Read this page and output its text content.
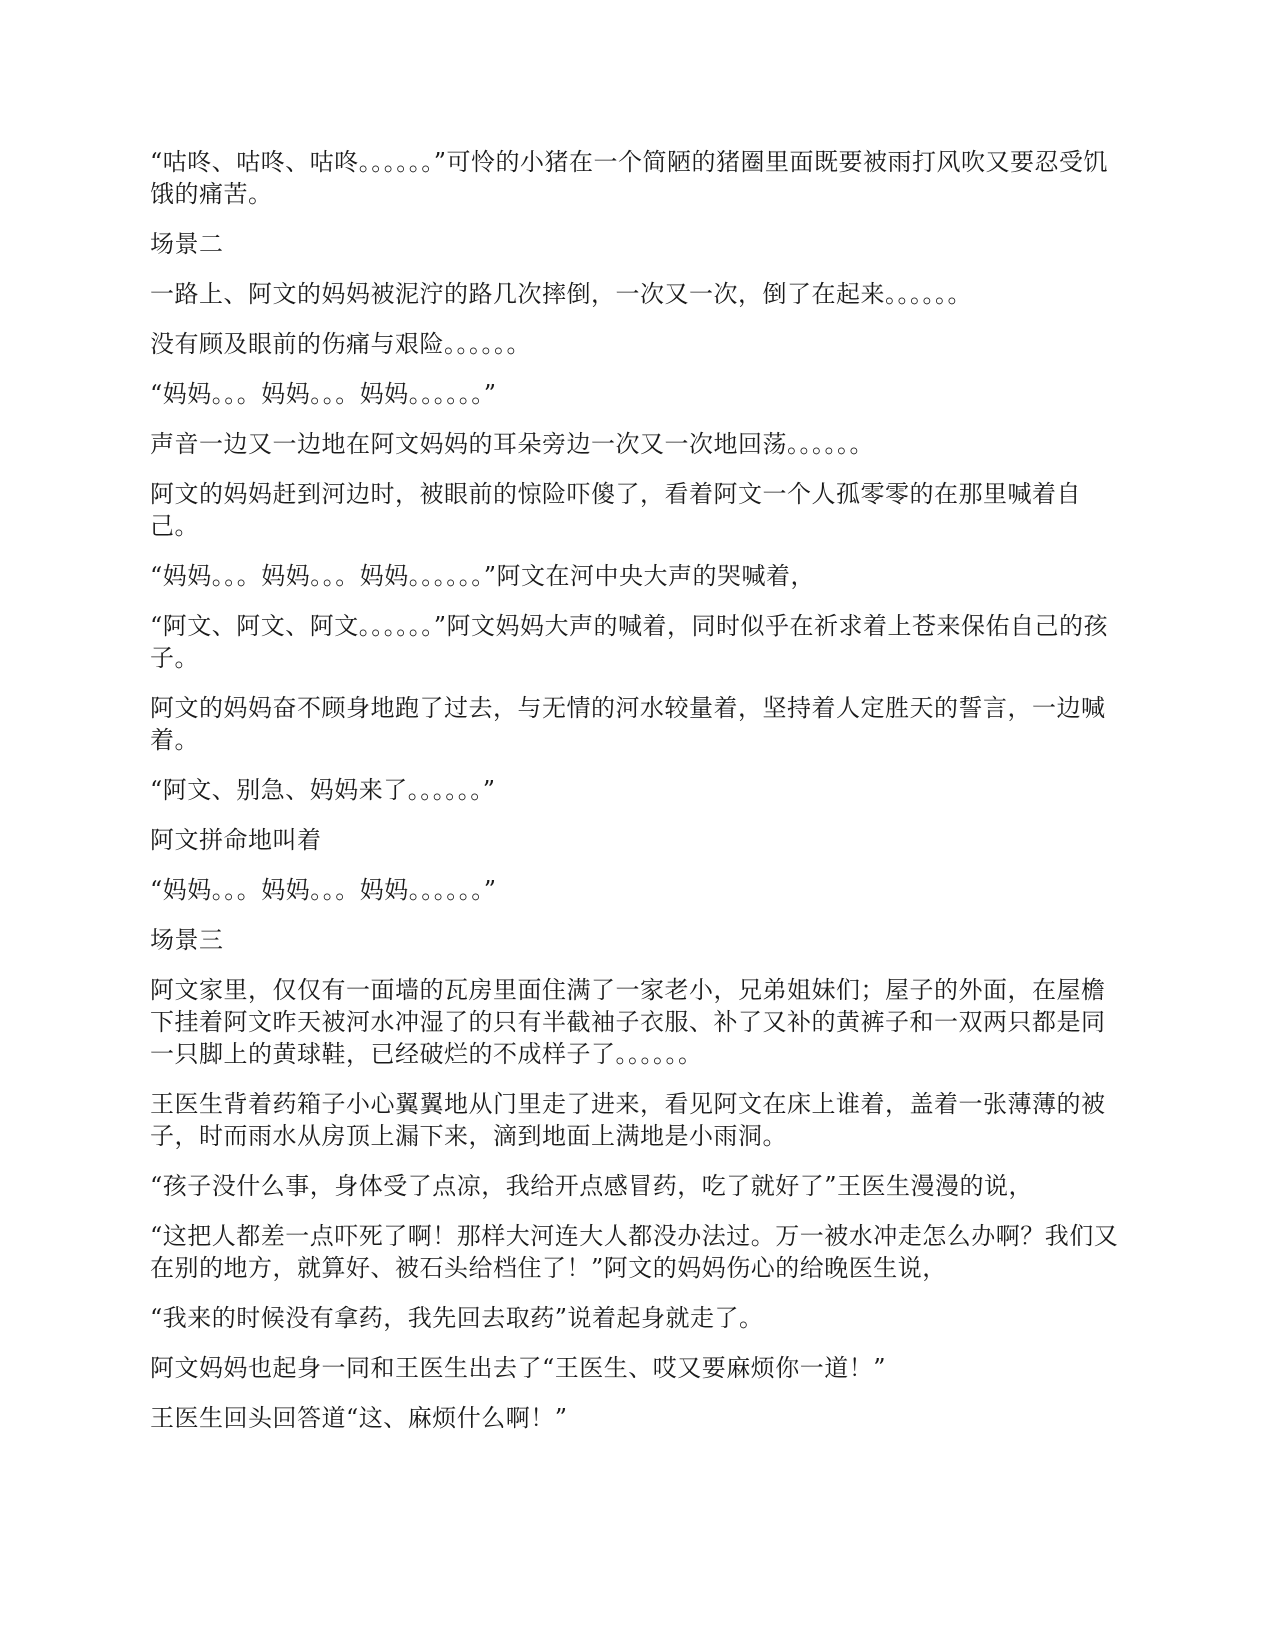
“咕咚、咕咚、咕咚。。。。。。”可怜的小猪在一个简陋的猪圈里面既要被雨打风吹又要忍受饥饿的痛苦。

场景二

一路上、阿文的妈妈被泥泞的路几次摔倒，一次又一次，倒了在起来。。。。。。

没有顾及眼前的伤痛与艰险。。。。。。

“妈妈。。。妈妈。。。妈妈。。。。。。”

声音一边又一边地在阿文妈妈的耳朵旁边一次又一次地回荡。。。。。。

阿文的妈妈赶到河边时，被眼前的惊险吓傻了，看着阿文一个人孤零零的在那里喊着自己。

“妈妈。。。妈妈。。。妈妈。。。。。。”阿文在河中央大声的哭喊着，

“阿文、阿文、阿文。。。。。。”阿文妈妈大声的喊着，同时似乎在祈求着上苍来保佑自己的孩子。

阿文的妈妈奋不顾身地跑了过去，与无情的河水较量着，坚持着人定胜天的誓言，一边喊着。

“阿文、别急、妈妈来了。。。。。。”

阿文拼命地叫着

“妈妈。。。妈妈。。。妈妈。。。。。。”

场景三

阿文家里，仅仅有一面墙的瓦房里面住满了一家老小，兄弟姐妹们；屋子的外面，在屋檐下挂着阿文昨天被河水冲湿了的只有半截袖子衣服、补了又补的黄裤子和一双两只都是同一只脚上的黄球鞋，已经破烂的不成样子了。。。。。。

王医生背着药箱子小心翼翼地从门里走了进来，看见阿文在床上谁着，盖着一张薄薄的被子，时而雨水从房顶上漏下来，滴到地面上满地是小雨洞。

“孩子没什么事，身体受了点凉，我给开点感冒药，吃了就好了”王医生漫漫的说，

“这把人都差一点吓死了啊！那样大河连大人都没办法过。万一被水冲走怎么办啊？我们又在别的地方，就算好、被石头给档住了！”阿文的妈妈伤心的给晚医生说，

“我来的时候没有拿药，我先回去取药”说着起身就走了。

阿文妈妈也起身一同和王医生出去了“王医生、哎又要麻烦你一道！”

王医生回头回答道“这、麻烦什么啊！”
